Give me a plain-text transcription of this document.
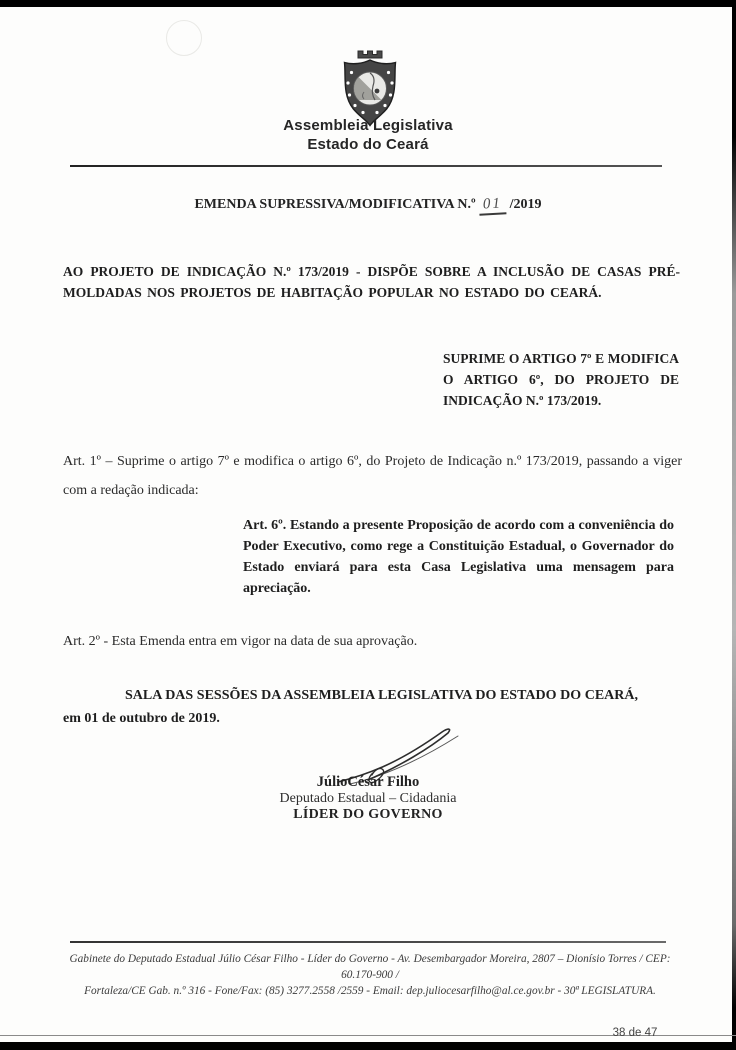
Assembleia Legislativa
Estado do Ceará
EMENDA SUPRESSIVA/MODIFICATIVA N.º 01 /2019
AO PROJETO DE INDICAÇÃO N.º 173/2019 - DISPÕE SOBRE A INCLUSÃO DE CASAS PRÉ-MOLDADAS NOS PROJETOS DE HABITAÇÃO POPULAR NO ESTADO DO CEARÁ.
SUPRIME O ARTIGO 7º E MODIFICA O ARTIGO 6º, DO PROJETO DE INDICAÇÃO N.º 173/2019.
Art. 1º – Suprime o artigo 7º e modifica o artigo 6º, do Projeto de Indicação n.º 173/2019, passando a viger com a redação indicada:
Art. 6º. Estando a presente Proposição de acordo com a conveniência do Poder Executivo, como rege a Constituição Estadual, o Governador do Estado enviará para esta Casa Legislativa uma mensagem para apreciação.
Art. 2º - Esta Emenda entra em vigor na data de sua aprovação.
SALA DAS SESSÕES DA ASSEMBLEIA LEGISLATIVA DO ESTADO DO CEARÁ, em 01 de outubro de 2019.
JúlioCésar Filho
Deputado Estadual – Cidadania
LÍDER DO GOVERNO
Gabinete do Deputado Estadual Júlio César Filho - Líder do Governo - Av. Desembargador Moreira, 2807 – Dionísio Torres / CEP: 60.170-900 /
Fortaleza/CE Gab. n.º 316 - Fone/Fax: (85) 3277.2558 /2559 - Email: dep.juliocesarfilho@al.ce.gov.br - 30ª LEGISLATURA.
38 de 47
